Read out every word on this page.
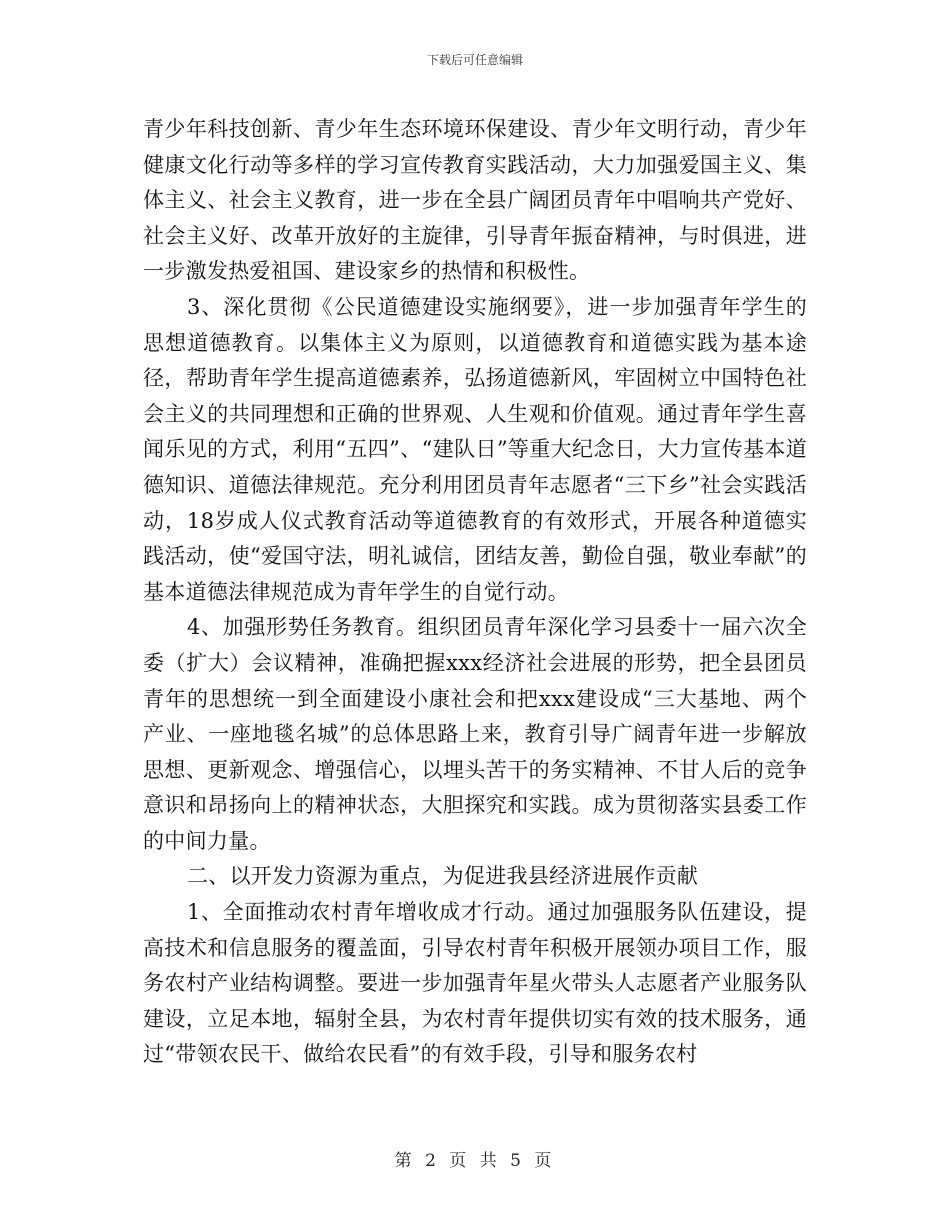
下载后可任意编辑

青少年科技创新、青少年生态环境环保建设、青少年文明行动，青少年健康文化行动等多样的学习宣传教育实践活动，大力加强爱国主义、集体主义、社会主义教育，进一步在全县广阔团员青年中唱响共产党好、社会主义好、改革开放好的主旋律，引导青年振奋精神，与时俱进，进一步激发热爱祖国、建设家乡的热情和积极性。

3、深化贯彻《公民道德建设实施纲要》，进一步加强青年学生的思想道德教育。以集体主义为原则，以道德教育和道德实践为基本途径，帮助青年学生提高道德素养，弘扬道德新风，牢固树立中国特色社会主义的共同理想和正确的世界观、人生观和价值观。通过青年学生喜闻乐见的方式，利用“五四”、“建队日”等重大纪念日，大力宣传基本道德知识、道德法律规范。充分利用团员青年志愿者“三下乡”社会实践活动，18岁成人仪式教育活动等道德教育的有效形式，开展各种道德实践活动，使“爱国守法，明礼诚信，团结友善，勤俭自强，敬业奉献”的基本道德法律规范成为青年学生的自觉行动。

4、加强形势任务教育。组织团员青年深化学习县委十一届六次全委（扩大）会议精神，准确把握xxx经济社会进展的形势，把全县团员青年的思想统一到全面建设小康社会和把xxx建设成“三大基地、两个产业、一座地毯名城”的总体思路上来，教育引导广阔青年进一步解放思想、更新观念、增强信心，以埋头苦干的务实精神、不甘人后的竞争意识和昂扬向上的精神状态，大胆探究和实践。成为贯彻落实县委工作的中间力量。

二、以开发力资源为重点，为促进我县经济进展作贡献

1、全面推动农村青年增收成才行动。通过加强服务队伍建设，提高技术和信息服务的覆盖面，引导农村青年积极开展领办项目工作，服务农村产业结构调整。要进一步加强青年星火带头人志愿者产业服务队建设，立足本地，辐射全县，为农村青年提供切实有效的技术服务，通过“带领农民干、做给农民看”的有效手段，引导和服务农村

第 2 页 共 5 页
